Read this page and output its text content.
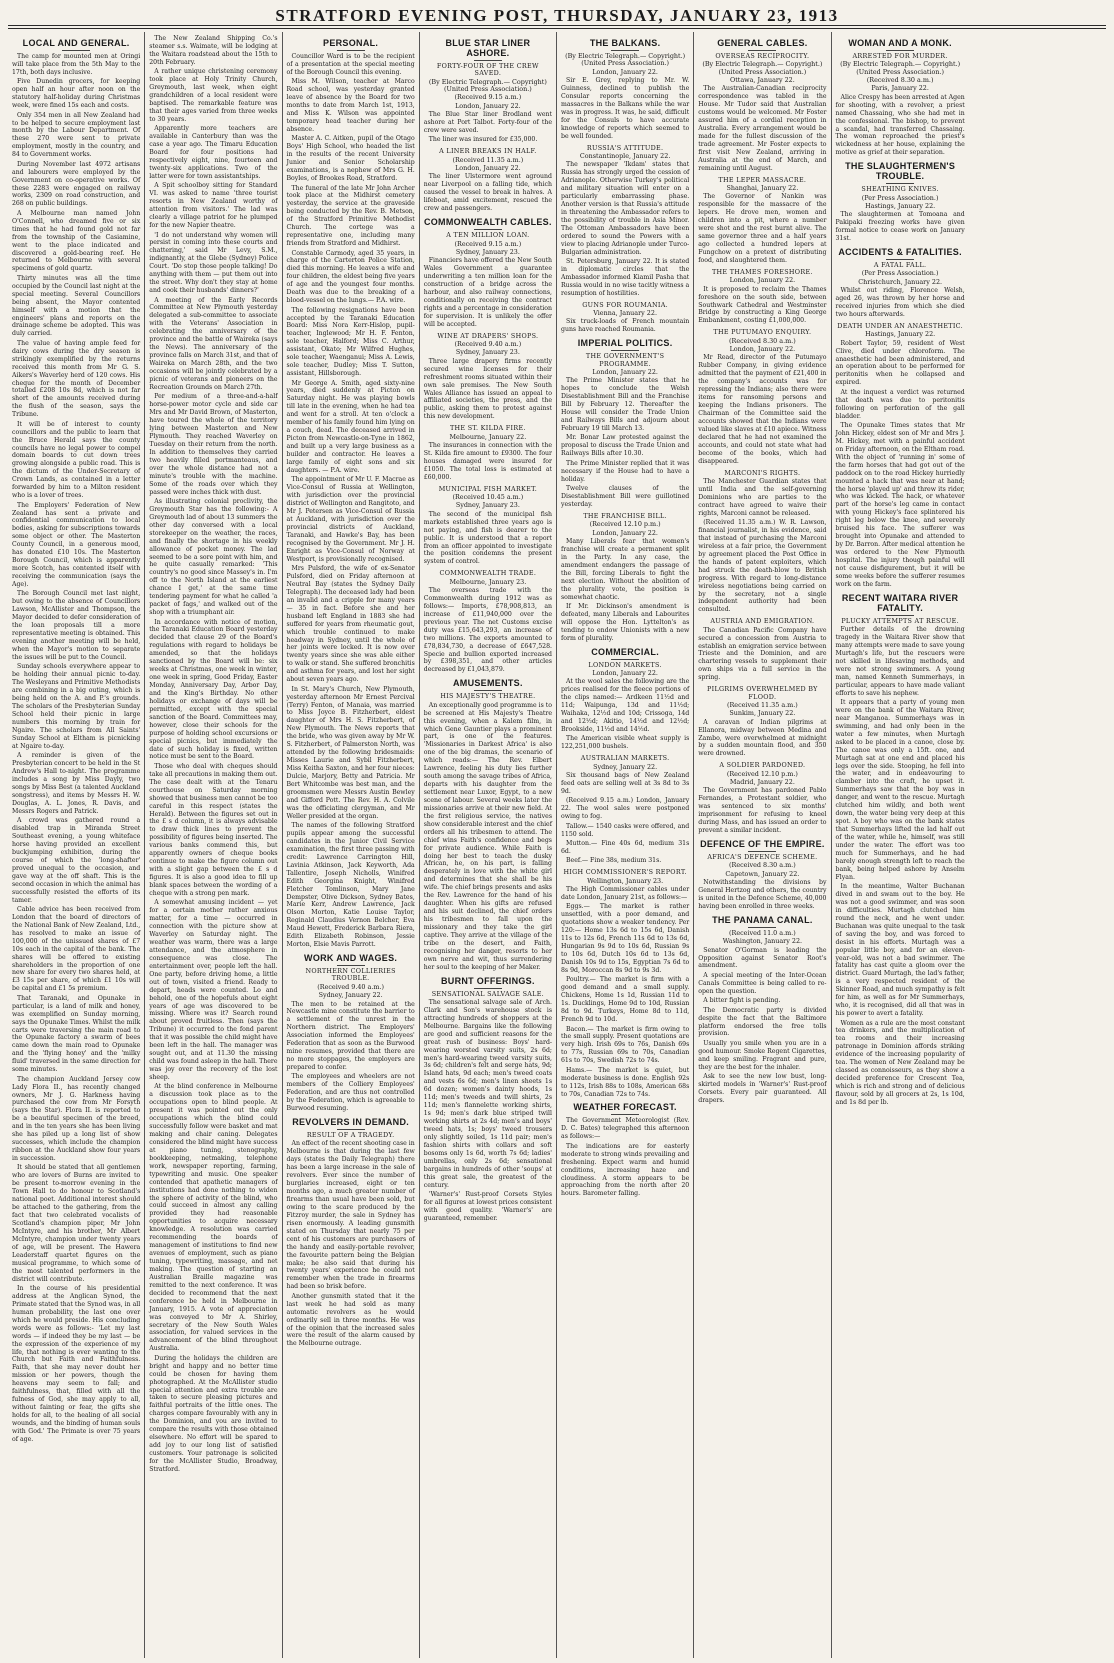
STRATFORD EVENING POST, THURSDAY, JANUARY 23, 1913
LOCAL AND GENERAL.
The camp for mounted men at Oringi will take place from the 5th May to the 17th, both days inclusive.
Five Dunedin grocers, for keeping open half an hour after noon on the statutory half-holiday during Christmas week, were fined 15s each and costs.
Only 354 men in all New Zealand had to be helped to secure employment last month by the Labour Department. Of these 270 were sent to private employment, mostly in the country, and 84 to Government works.
During November last 4972 artisans and labourers were employed by the Government on co-operative works. Of these 2283 were engaged on railway works, 2309 on road construction, and 268 on public buildings.
A Melbourne man named John O'Connell, who dreamed five or six times that he had found gold not far from the township of the Casiamine, went to the place indicated and discovered a gold-bearing reef. He returned to Melbourne with several specimens of gold quartz.
Thirty minutes was all the time occupied by the Council last night at the special meeting. Several Councillors being absent, the Mayor contented himself with a motion that the engineers' plans and reports on the drainage scheme be adopted. This was duly carried.
The value of having ample feed for dairy cows during the dry season is strikingly exemplified by the returns received this month from Mr G. S. Aikers's Waverley herd of 120 cows. His cheque for the month of December totalled £208 10s 8d, which is not far short of the amounts received during the flush of the season, says the Tribune.
It will be of interest to county councillors and the public to learn that the Bruce Herald says the county councils have no legal power to compel domain boards to cut down trees growing alongside a public road. This is the dictum of the Under-Secretary of Crown Lands, as contained in a letter forwarded by him to a Milton resident who is a lover of trees.
The Employers' Federation of New Zealand has sent a private and confidential communication to local bodies, asking for subscriptions towards some object or other. The Masterton County Council, in a generous mood, has donated £10 10s. The Masterton Borough Council, which is apparently more Scotch, has contented itself with receiving the communication (says the Age).
The Borough Council met last night, but owing to the absence of Councillors Lawson, McAllister and Thompson, the Mayor decided to defer consideration of the loan proposals till a more representative meeting is obtained. This evening another meeting will be held, when the Mayor's motion to separate the issues will be put to the Council.
Sunday schools everywhere appear to be holding their annual picnic to-day. The Wesleyans and Primitive Methodists are combining in a big outing, which is being held on the A. and P.'s grounds. The scholars of the Presbyterian Sunday School held their picnic in large numbers this morning by train for Ngaire. The scholars from All Saints' Sunday School at Eltham is picnicking at Ngaire to-day.
A reminder is given of the Presbyterian concert to be held in the St Andrew's Hall to-night. The programme includes a song by Miss Dayly, two songs by Miss Best (a talented Auckland songstress), and items by Messrs H. W. Douglas, A. L. Jones, R. Davis, and Messrs Rogers and Patrick.
A crowd was gathered round a disabled trap in Miranda Street Southeast evening, a young whiteface horse having provided an excellent buckjumping exhibition, during the course of which the 'long-shafter' proved unequal to the occasion, and gave way at the off shaft. This is the second occasion in which the animal has successfully resisted the efforts of its tamer.
Cable advice has been received from London that the board of directors of the National Bank of New Zealand, Ltd., has resolved to make an issue of 100,000 of the unissued shares of £7 10s each in the capital of the bank. The shares will be offered to existing shareholders in the proportion of one new share for every two shares held, at £3 15s per share, of which £1 10s will be capital and £1 5s premium.
That Taranaki, and Opunake in particular, is a land of milk and honey, was exemplified on Sunday morning, says the Opunake Times. Whilst the milk carts were traversing the main road to the Opunake factory a swarm of bees came down the main road to Opunake and the 'flying honey' and the 'milky fluid' traversed in the same direction for some minutes.
The champion Auckland Jersey cow Lady Flora II., has recently changed owners, Mr J. G. Harkness having purchased the cow from Mr Forsyth (says the Star). Flora II. is reported to be a beautiful specimen of the breed, and in the ten years she has been living she has piled up a long list of show successes, which include the champion ribbon at the Auckland show four years in succession.
It should be stated that all gentlemen who are lovers of Burns are invited to be present to-morrow evening in the Town Hall to do honour to Scotland's national poet. Additional interest should be attached to the gathering, from the fact that two celebrated vocalists of Scotland's champion piper, Mr John McIntyre, and his brother, Mr Albert McIntyre, champion under twenty years of age, will be present. The Hawera Leaderstaff quartet figures on the musical programme, to which some of the most talented performers in the district will contribute.
In the course of his presidential address at the Anglican Synod, the Primate stated that the Synod was, in all human probability, the last one over which he would preside. His concluding words were as follows:- 'Let my last words — if indeed they be my last — be the expression of the experience of my life, that nothing is ever wanting to the Church but Faith and Faithfulness. Faith, that she may never doubt her mission or her powers, though the heavens may seem to fall; and faithfulness, that, filled with all the fulness of God, she may apply to all, without fainting or fear, the gifts she holds for all, to the healing of all social wounds, and the binding of human souls with God.' The Primate is over 75 years of age.
The New Zealand Shipping Co.'s steamer s.s. Waimate, will be lodging at the Waitara roadstead about the 15th to 20th February.
A rather unique christening ceremony took place at Holy Trinity Church, Greymouth, last week, when eight grandchildren of a local resident were baptised. The remarkable feature was that their ages varied from three weeks to 30 years.
Apparently more teachers are available in Canterbury than was the case a year ago. The Timaru Education Board for four positions had respectively eight, nine, fourteen and twenty-six applications. Two of the latter were for town assistantships.
A Spit schoolboy sitting for Standard VI. was asked to name 'three tourist resorts in New Zealand worthy of attention from visitors.' The lad was clearly a village patriot for he plumped for the new Napier theatre.
'I do not understand why women will persist in coming into these courts and chattering,' said Mr Levy, S.M., indignantly, at the Glebe (Sydney) Police Court. 'Do stop those people talking! Do anything with them — put them out into the street. Why don't they stay at home and cook their husbands' dinners?'
A meeting of the Early Records Committee at New Plymouth yesterday delegated a sub-committee to associate with the Veterans' Association in celebrating the anniversary of the province and the battle of Waireka (says the News). The anniversary of the province falls on March 31st, and that of Waireka on March 28th, and the two occasions will be jointly celebrated by a picnic of veterans and pioneers on the Recreation Grounds on March 27th.
Per medium of a three-and-a-half horse-power motor cycle and side car Mrs and Mr David Brown, of Masterton, have toured the whole of the territory lying between Masterton and New Plymouth. They reached Waverley on Tuesday on their return from the north. In addition to themselves they carried two heavily filled portmanteaus, and over the whole distance had not a minute's trouble with the machine. Some of the roads over which they passed were inches thick with dust.
As illustrating colonial proclivity, the Greymouth Star has the following:- A Greymouth lad of about 13 summers the other day conversed with a local storekeeper on the weather, the races, and finally the shortage in his weekly allowance of pocket money. The lad seemed to be a sore point with him, and he quite casually remarked: 'This country's no good since Massey's in. I'm off to the North Island at the earliest chance I get,' at the same time tendering payment for what he called 'a packet of fags,' and walked out of the shop with a triumphant air.
In accordance with notice of motion, the Taranaki Education Board yesterday decided that clause 29 of the Board's regulations with regard to holidays be amended, so that the holidays sanctioned by the Board will be: six weeks at Christmas, one week in winter, one week in spring, Good Friday, Easter Monday, Anniversary Day, Arbor Day, and the King's Birthday. No other holidays or exchange of days will be permitted, except with the special sanction of the Board. Committees may, however, close their schools for the purpose of holding school excursions or special picnics, but immediately the date of such holiday is fixed, written notice must be sent to the Board.
Those who deal with cheques should take all precautions in making them out. The case dealt with at the Tenaru courthouse on Saturday morning showed that business men cannot be too careful in this respect (states the Herald). Between the figures set out in the £ s d column, it is always advisable to draw thick lines to prevent the possibility of figures being inserted. The various banks commend this, but apparently owners of cheque books continue to make the figure column out with a slight gap between the £ s d figures. It is also a good idea to fill up blank spaces between the wording of a cheque with a strong pen mark.
A somewhat amusing incident — yet for a certain mother rather anxious matter, for a time — occurred in connection with the picture show at Waverley on Saturday night. The weather was warm, there was a large attendance, and the atmosphere in consequence was close. The entertainment over, people left the hall. One party, before driving home, a little out of town, visited a friend. Ready to depart, heads were counted. Lo and behold, one of the hopefuls about eight years of age was discovered to be missing. Where was it? Search round about proved fruitless. Then (says the Tribune) it occurred to the fond parent that it was possible the child might have been left in the hall. The manager was sought out, and at 11.30 the missing child was found asleep in the hall. There was joy over the recovery of the lost sheep.
At the blind conference in Melbourne a discussion took place as to the occupations open to blind people. At present it was pointed out the only occupations which the blind could successfully follow were basket and mat making and chair caning. Delegates considered the blind might have success at piano tuning, stenography, bookkeeping, netmaking, telephone work, newspaper reporting, farming, typewriting and music. One speaker contended that apathetic managers of institutions had done nothing to widen the sphere of activity of the blind, who could succeed in almost any calling provided they had reasonable opportunities to acquire necessary knowledge. A resolution was carried recommending the boards of management of institutions to find new avenues of employment, such as piano tuning, typewriting, massage, and net making. The question of starting an Australian Braille magazine was remitted to the next conference. It was decided to recommend that the next conference be held in Melbourne in January, 1915. A vote of appreciation was conveyed to Mr A. Shirley, secretary of the New South Wales association, for valued services in the advancement of the blind throughout Australia.
During the holidays the children are bright and happy and no better time could be chosen for having them photographed. At the McAllister studio special attention and extra trouble are taken to secure pleasing pictures and faithful portraits of the little ones. The charges compare favourably with any in the Dominion, and you are invited to compare the results with those obtained elsewhere. No effort will be spared to add joy to our long list of satisfied customers. Your patronage is solicited for the McAllister Studio, Broadway, Stratford.
PERSONAL.
Councillor Ward is to be the recipient of a presentation at the special meeting of the Borough Council this evening.
Miss M. Wilson, teacher at Marco Road school, was yesterday granted leave of absence by the Board for two months to date from March 1st, 1913, and Miss K. Wilson was appointed temporary head teacher during her absence.
Master A. C. Aitken, pupil of the Otago Boys' High School, who headed the list in the results of the recent University Junior and Senior Scholarship examinations, is a nephew of Mrs G. H. Boyles, of Brookes Road, Stratford.
The funeral of the late Mr John Archer took place at the Midhirst cemetery yesterday, the service at the graveside being conducted by the Rev. B. Metson, of the Stratford Primitive Methodist Church. The cortege was a representative one, including many friends from Stratford and Midhirst.
Constable Carmody, aged 35 years, in charge of the Carterton Police Station, died this morning. He leaves a wife and four children, the eldest being five years of age and the youngest four months. Death was due to the breaking of a blood-vessel on the lungs.— P.A. wire.
The following resignations have been accepted by the Taranaki Education Board: Miss Nora Kerr-Hislop, pupil-teacher, Inglewood; Mr H. F. Fenton, sole teacher, Halford; Miss C. Arthur, assistant, Okato; Mr Wilfred Hughes, sole teacher, Waenganui; Miss A. Lewis, sole teacher, Dudley; Miss T. Sutton, assistant, Hillsborough.
Mr George A. Smith, aged sixty-nine years, died suddenly at Picton on Saturday night. He was playing bowls till late in the evening, when he had tea and went for a stroll. At ten o'clock a member of his family found him lying on a couch, dead. The deceased arrived in Picton from Newcastle-on-Tyne in 1862, and built up a very large business as a builder and contractor. He leaves a large family of eight sons and six daughters. — P.A. wire.
The appointment of Mr U. F. Macrae as Vice-Consul of Russia at Wellington, with jurisdiction over the provincial district of Wellington and Rangitoto, and Mr J. Petersen as Vice-Consul of Russia at Auckland, with jurisdiction over the provincial districts of Auckland, Taranaki, and Hawke's Bay, has been recognised by the Government. Mr J. H. Enright as Vice-Consul of Norway at Westport, is provisionally recognised.
Mrs Pulsford, the wife of ex-Senator Pulsford, died on Friday afternoon at Neutral Bay (states the Sydney Daily Telegraph). The deceased lady had been an invalid and a cripple for many years — 35 in fact. Before she and her husband left England in 1883 she had suffered for years from rheumatic gout, which trouble continued to make headway in Sydney, until the whole of her joints were locked. It is now over twenty years since she was able either to walk or stand. She suffered bronchitis and asthma for years, and lost her sight about seven years ago.
In St. Mary's Church, New Plymouth, yesterday afternoon Mr Ernest Percival (Terry) Fenton, of Manaia, was married to Miss Joyce B. Fitzherbert, eldest daughter of Mrs H. S. Fitzherbert, of New Plymouth. The News reports that the bride, who was given away by Mr W. S. Fitzherbert, of Palmerston North, was attended by the following bridesmaids: Misses Laurie and Sybil Fitzherbert, Miss Keitha Saxton, and her four nieces: Dulcie, Marjory, Betty and Patricia. Mr Bert Whitcombe was best man, and the groomsmen were Messrs Austin Bewley and Gifford Pott. The Rev. H. A. Colvile was the officiating clergyman, and Mr Weller presided at the organ.
The names of the following Stratford pupils appear among the successful candidates in the Junior Civil Service examination, the first three passing with credit: Lawrence Carrington Hill, Lavinia Atkinson, Jack Keyworth, Ada Tallentire, Joseph Nicholls, Winifred Edith Georgina Knight, Winifred Fletcher Tomlinson, Mary Jane Dempster, Olive Dickson, Sydney Bates, Marie Kerr, Andrew Lawrence, Jack Olson Morton, Katie Louise Taylor, Reginald Claudius Vernon Belcher, Eva Maud Hewett, Frederick Barbara Riera, Edith Elizabeth Robinson, Jessie Morton, Elsie Mavis Parrott.
WORK AND WAGES.
NORTHERN COLLIERIES TROUBLE.
(Received 9.40 a.m.)
Sydney, January 22.
The men to be retained at the Newcastle mine constitute the barrier to a settlement of the unrest in the Northern district. The Employers' Association informed the Employees' Federation that as soon as the Burwood mine resumes, provided that there are no more stoppages, the employers are prepared to confer.
The employees and wheelers are not members of the Colliery Employees' Federation, and are thus not controlled by the Federation, which is agreeable to Burwood resuming.
REVOLVERS IN DEMAND.
RESULT OF A TRAGEDY.
An effect of the recent shooting case in Melbourne is that during the last few days (states the Daily Telegraph) there has been a large increase in the sale of revolvers. Ever since the number of burglaries increased, eight or ten months ago, a much greater number of firearms than usual have been sold, but owing to the scare produced by the Fitzroy murder, the sale in Sydney has risen enormously. A leading gunsmith stated on Thursday that nearly 75 per cent of his customers are purchasers of the handy and easily-portable revolver, the favourite pattern being the Belgian make; he also said that during his twenty years' experience he could not remember when the trade in firearms had been so brisk before.
Another gunsmith stated that it the last week he had sold as many automatic revolvers as he would ordinarily sell in three months. He was of the opinion that the increased sales were the result of the alarm caused by the Melbourne outrage.
BLUE STAR LINER ASHORE.
FORTY-FOUR OF THE CREW SAVED.
(By Electric Telegraph.— Copyright) (United Press Association.)
(Received 9.15 a.m.)
London, January 22.
The Blue Star liner Brodland went ashore at Port Talbot. Forty-four of the crew were saved.
The liner was insured for £35,000.
A LINER BREAKS IN HALF.
(Received 11.35 a.m.)
London, January 22.
The liner Ulstermore went aground near Liverpool on a falling tide, which caused the vessel to break in halves. A lifeboat, amid excitement, rescued the crew and passengers.
COMMONWEALTH CABLES.
A TEN MILLION LOAN.
(Received 9.15 a.m.)
Sydney, January 23.
Financiers have offered the New South Wales Government a guarantee underwriting a ten million loan for the construction of a bridge across the harbour, and also railway connections, conditionally on receiving the contract rights and a percentage in consideration for supervision. It is unlikely the offer will be accepted.
WINE AT DRAPERS' SHOPS.
(Received 9.40 a.m.)
Sydney, January 23.
Three large drapery firms recently secured wine licenses for their refreshment rooms situated within their own sale premises. The New South Wales Alliance has issued an appeal to affiliated societies, the press, and the public, asking them to protest against this new development.
THE ST. KILDA FIRE.
Melbourne, January 22.
The insurances in connection with the St. Kilda fire amount to £9300. The four houses damaged were insured for £1050. The total loss is estimated at £60,000.
MUNICIPAL FISH MARKET.
(Received 10.45 a.m.)
Sydney, January 23.
The second of the municipal fish markets established three years ago is not paying, and fish is dearer to the public. It is understood that a report from an officer appointed to investigate the position condemns the present system of control.
COMMONWEALTH TRADE.
Melbourne, January 23.
The overseas trade with the Commonwealth during 1912 was as follows:— Imports, £78,908,813, an increase of £11,940,000 over the previous year. The net Customs excise duty was £15,643,293, an increase of two millions. The exports amounted to £78,834,730, a decrease of £647,528. Specie and bullion exported increased by £398,351, and other articles decreased by £1,043,879.
AMUSEMENTS.
HIS MAJESTY'S THEATRE.
An exceptionally good programme is to be screened at His Majesty's Theatre this evening, when a Kalem film, in which Gene Gauntier plays a prominent part, is one of the features. 'Missionaries in Darkest Africa' is also one of the big dramas, the scenario of which reads:— The Rev. Elbert Lawrence, feeling his duty lies further south among the savage tribes of Africa, departs with his daughter from the settlement near Luxor, Egypt, to a new scene of labour. Several weeks later the missionaries arrive at their new field. At the first religious service, the natives show considerable interest and the chief orders all his tribesmen to attend. The chief wins Faith's confidence and begs for private audience. While Faith is doing her best to teach the dusky African, he, on his part, is falling desperately in love with the white girl and determines that she shall be his wife. The chief brings presents and asks the Rev. Lawrence for the hand of his daughter. When his gifts are refused and his suit declined, the chief orders his tribesmen to fall upon the missionary and they take the girl captive. They arrive at the village of the tribe on the desert, and Faith, recognising her danger, resorts to her own nerve and wit, thus surrendering her soul to the keeping of her Maker.
BURNT OFFERINGS.
SENSATIONAL SALVAGE SALE.
The sensational salvage sale of Arch. Clark and Son's warehouse stock is attracting hundreds of shoppers at the Melbourne. Bargains like the following are good and sufficient reasons for the great rush of business: Boys' hard-wearing worsted varsity suits, 2s 6d; men's hard-wearing tweed varsity suits, 3s 6d; children's felt and serge hats, 9d; Island hats, 9d each; men's tweed coats and vests 6s 6d; men's linen sheets 1s 6d dozen; women's dainty hoods, 1s 11d; men's tweeds and twill shirts, 2s 11d; men's flannelette working shirts, 1s 9d; men's dark blue striped twill working shirts at 2s 4d; men's and boys' tweed hats, 1s; boys' tweed trousers only slightly soiled, 1s 11d pair; men's fashion shirts with collars and soft bosoms only 1s 6d, worth 7s 6d; ladies' umbrellas, only 2s 6d; sensational bargains in hundreds of other 'soups' at this great sale, the greatest of the century.
'Warner's' Rust-proof Corsets Styles for all figures at lowest prices consistent with good quality. 'Warner's' are guaranteed, remember.
THE BALKANS.
(By Electric Telegraph.— Copyright.) (United Press Association.)
London, January 22.
Sir E. Grey, replying to Mr. W. Guinness, declined to publish the Consular reports concerning the massacres in the Balkans while the war was in progress. It was, he said, difficult for the Consuls to have accurate knowledge of reports which seemed to be well founded.
RUSSIA'S ATTITUDE.
Constantinople, January 22.
The newspaper 'Ikdam' states that Russia has strongly urged the cession of Adrianople. Otherwise Turkey's political and military situation will enter on a particularly embarrassing phase. Another version is that Russia's attitude in threatening the Ambassador refers to the possibility of trouble in Asia Minor. The Ottoman Ambassadors have been ordered to sound the Powers with a view to placing Adrianople under Turco-Bulgarian administration.
St. Petersburg, January 22. It is stated in diplomatic circles that the Ambassador informed Kiamil Pasha that Russia would in no wise tacitly witness a resumption of hostilities.
GUNS FOR ROUMANIA.
Vienna, January 22.
Six truck-loads of French mountain guns have reached Roumania.
IMPERIAL POLITICS.
THE GOVERNMENT'S PROGRAMME.
London, January 22.
The Prime Minister states that he hopes to conclude the Welsh Disestablishment Bill and the Franchise Bill by February 12. Thereafter the House will consider the Trade Union and Railways Bills and adjourn about February 19 till March 13.
Mr. Bonar Law protested against the proposal to discuss the Trade Union and Railways Bills after 10.30.
The Prime Minister replied that it was necessary if the House had to have a holiday.
Twelve clauses of the Disestablishment Bill were guillotined yesterday.
THE FRANCHISE BILL.
(Received 12.10 p.m.)
London, January 22.
Many Liberals fear that women's franchise will create a permanent split in the Party. In any case, the amendment endangers the passage of the Bill, forcing Liberals to fight the next election. Without the abolition of the plurality vote, the position is somewhat chaotic.
If Mr. Dickinson's amendment is defeated, many Liberals and Labourites will oppose the Hon. Lyttelton's as tending to endow Unionists with a new form of plurality.
COMMERCIAL.
LONDON MARKETS.
London, January 22.
At the wool sales the following are the prices realised for the fleece portions of the clips named:— Ardkeen 11½d and 11d; Waipunga, 13d and 11½d; Waihaka, 12½d and 10d; Crissoga, 14d and 12½d; Akitio, 14½d and 12½d; Brookside, 11½d and 14½d.
The American visible wheat supply is 122,251,000 bushels.
AUSTRALIAN MARKETS.
Sydney, January 22.
Six thousand bags of New Zealand feed oats are selling well at 3s 8d to 3s 9d.
(Received 9.15 a.m.) London, January 22. The wool sales were postponed owing to fog.
Tallow.— 1540 casks were offered, and 1150 sold.
Mutton.— Fine 40s 6d, medium 31s 6d.
Beef.— Fine 38s, medium 31s.
HIGH COMMISSIONER'S REPORT.
Wellington, January 23.
The High Commissioner cables under date London, January 21st, as follows:—
Eggs.— The market is rather unsettled, with a poor demand, and quotations show a weaker tendency. Per 120:— Home 13s 6d to 15s 6d, Danish 11s to 12s 6d, French 11s 6d to 13s 6d, Hungarian 9s 9d to 10s 6d, Russian 9s to 10s 6d, Dutch 10s 6d to 13s 6d, Danish 10s 9d to 15s, Egyptian 7s 6d to 8s 9d, Moroccan 8s 9d to 9s 3d.
Poultry.— The market is firm with a good demand and a small supply. Chickens, Home 1s 1d, Russian 11d to 1s. Ducklings, Home 9d to 10d, Russian 8d to 9d. Turkeys, Home 8d to 11d, French 9d to 10d.
Bacon.— The market is firm owing to the small supply. Present quotations are very high. Irish 69s to 76s, Danish 69s to 77s, Russian 69s to 70s, Canadian 61s to 70s, Swedish 72s to 74s.
Hams.— The market is quiet, but moderate business is done. English 92s to 112s, Irish 88s to 108s, American 68s to 70s, Canadian 72s to 74s.
WEATHER FORECAST.
The Government Meteorologist (Rev. D. C. Bates) telegraphed this afternoon as follows:—
The indications are for easterly moderate to strong winds prevailing and freshening. Expect warm and humid conditions, increasing haze and cloudiness. A storm appears to be approaching from the north after 20 hours. Barometer falling.
GENERAL CABLES.
OVERSEAS RECIPROCITY.
(By Electric Telegraph.— Copyright.) (United Press Association.)
Ottawa, January 22.
The Australian-Canadian reciprocity correspondence was tabled in the House. Mr Tudor said that Australian customs would be welcomed. Mr Foster assured him of a cordial reception in Australia. Every arrangement would be made for the fullest discussion of the trade agreement. Mr Foster expects to first visit New Zealand, arriving in Australia at the end of March, and remaining until August.
THE LEPER MASSACRE.
Shanghai, January 22.
The Governor of Nankin was responsible for the massacre of the lepers. He drove men, women and children into a pit, where a number were shot and the rest burnt alive. The same governor three and a half years ago collected a hundred lepers at Fungchow on a pretext of distributing food, and slaughtered them.
THE THAMES FORESHORE.
London, January 22.
It is proposed to reclaim the Thames foreshore on the south side, between Southwark Cathedral and Westminster Bridge by constructing a King George Embankment, costing £1,000,000.
THE PUTUMAYO ENQUIRY.
(Received 8.30 a.m.)
London, January 22.
Mr Read, director of the Putumayo Rubber Company, in giving evidence admitted that the payment of £21,400 in the company's accounts was for repressing the Indians; also there were items for ransoming persons and keeping the Indians prisoners. The Chairman of the Committee said the accounts showed that the Indians were valued like slaves at £10 apiece. Witness declared that he had not examined the accounts, and could not state what had become of the books, which had disappeared.
MARCONI'S RIGHTS.
The Manchester Guardian states that until India and the self-governing Dominions who are parties to the contract have agreed to waive their rights, Marconi cannot be released.
(Received 11.35 a.m.) W. R. Lawson, financial journalist, in his evidence, said that instead of purchasing the Marconi wireless at a fair price, the Government by agreement placed the Post Office in the hands of patent exploiters, which had struck the death-blow to British progress. With regard to long-distance wireless negotiations being carried on by the secretary, not a single independent authority had been consulted.
AUSTRIA AND EMIGRATION.
The Canadian Pacific Company have secured a concession from Austria to establish an emigration service between Trieste and the Dominion, and are chartering vessels to supplement their own ships via a full service in the spring.
PILGRIMS OVERWHELMED BY FLOOD.
(Received 11.35 a.m.)
Sunkim, January 22.
A caravan of Indian pilgrims at Ellanora, midway between Medina and Zambo, were overwhelmed at midnight by a sudden mountain flood, and 350 were drowned.
A SOLDIER PARDONED.
(Received 12.10 p.m.)
Madrid, January 22.
The Government has pardoned Pablo Fernandes, a Protestant soldier, who was sentenced to six months' imprisonment for refusing to kneel during Mass, and has issued an order to prevent a similar incident.
DEFENCE OF THE EMPIRE.
AFRICA'S DEFENCE SCHEME.
(Received 8.30 a.m.)
Capetown, January 22.
Notwithstanding the divisions by General Hertzog and others, the country is united in the Defence Scheme, 40,000 having been enrolled in three weeks.
THE PANAMA CANAL.
(Received 11.0 a.m.)
Washington, January 22.
Senator O'Gorman is leading the Opposition against Senator Root's amendment.
A special meeting of the Inter-Ocean Canals Committee is being called to re-open the question.
A bitter fight is pending.
The Democratic party is divided despite the fact that the Baltimore platform endorsed the free tolls provision.
Usually you smile when you are in a good humour. Smoke Regent Cigarettes, and keep smiling. Fragrant and pure, they are the best for the inhaler.
Ask to see the new low bust, long-skirted models in 'Warner's' Rust-proof Corsets. Every pair guaranteed. All drapers.
WOMAN AND A MONK.
ARRESTED FOR MURDER.
(By Electric Telegraph.— Copyright.) (United Press Association.)
(Received 8.30 a.m.)
Paris, January 22.
Alice Crespy has been arrested at Agen for shooting, with a revolver, a priest named Chassaing, who she had met in the confessional. The bishop, to prevent a scandal, had transferred Chassaing. The woman reproached the priest's wickedness at her house, explaining the motive as grief at their separation.
THE SLAUGHTERMEN'S TROUBLE.
SHEATHING KNIVES.
(Per Press Association.)
Hastings, January 22.
The slaughtermen at Tomoana and Pakipaki freezing works have given formal notice to cease work on January 31st.
ACCIDENTS & FATALITIES.
A FATAL FALL.
(Per Press Association.)
Christchurch, January 22.
Whilst out riding, Florence Welsh, aged 26, was thrown by her horse and received injuries from which she died two hours afterwards.
DEATH UNDER AN ANAESTHETIC.
Hastings, January 22.
Robert Taylor, 59, resident of West Clive, died under chloroform. The anaesthetic had been administered, and an operation about to be performed for peritonitis when he collapsed and expired.
At the inquest a verdict was returned that death was due to peritonitis following on perforation of the gall bladder.
The Opunake Times states that Mr John Hickey, eldest son of Mr and Mrs J. M. Hickey, met with a painful accident on Friday afternoon, on the Eltham road. With the object of 'running in' some of the farm horses that had got out of the paddock on to the road Hickey hurriedly mounted a hack that was near at hand; the horse 'played up' and threw its rider, who was kicked. The hack, or whatever part of the horse's leg came in contact with young Hickey's face splintered his right leg below the knee, and severely bruised his face. The sufferer was brought into Opunake and attended to by Dr. Barron. After medical attention he was ordered to the New Plymouth hospital. The injury though painful will not cause disfigurement, but it will be some weeks before the sufferer resumes work on the farm.
RECENT WAITARA RIVER FATALITY.
PLUCKY ATTEMPTS AT RESCUE.
Further details of the drowning tragedy in the Waitara River show that many attempts were made to save young Murtagh's life, but the rescuers were not skilled in lifesaving methods, and were not strong swimmers. A young man, named Kenneth Summerhays, in particular, appears to have made valiant efforts to save his nephew.
It appears that a party of young men were on the bank of the Waitara River, near Manganoa. Summerhays was in swimming, and had only been in the water a few minutes, when Murtagh asked to be placed in a canoe, close by. The canoe was only a 15ft. one, and Murtagh sat at one end and placed his legs over the side. Stooping, he fell into the water, and in endeavouring to clamber into the craft, he upset it. Summerhays saw that the boy was in danger, and went to the rescue. Murtagh clutched him wildly, and both went down, the water being very deep at this spot. A boy who was on the bank states that Summerhays lifted the lad half out of the water, while he, himself, was still under the water. The effort was too much for Summerhays, and he had barely enough strength left to reach the bank, being helped ashore by Anselm Flyan.
In the meantime, Walter Buchanan dived in and swam out to the boy. He was not a good swimmer, and was soon in difficulties. Murtagh clutched him round the neck, and he went under. Buchanan was quite unequal to the task of saving the boy, and was forced to desist in his efforts. Murtagh was a popular little boy, and for an eleven-year-old, was not a bad swimmer. The fatality has cast quite a gloom over the district. Guard Murtagh, the lad's father, is a very respected resident of the Skinner Road, and much sympathy is felt for him, as well as for Mr Summerhays, who, it is recognised, did all that was in his power to avert a fatality.
Women as a rule are the most constant tea drinkers, and the multiplication of tea rooms and their increasing patronage in Dominion affords striking evidence of the increasing popularity of tea. The women of New Zealand may be classed as connoisseurs, as they show a decided preference for Crescent Tea, which is rich and strong and of delicious flavour, sold by all grocers at 2s, 1s 10d, and 1s 8d per lb.
